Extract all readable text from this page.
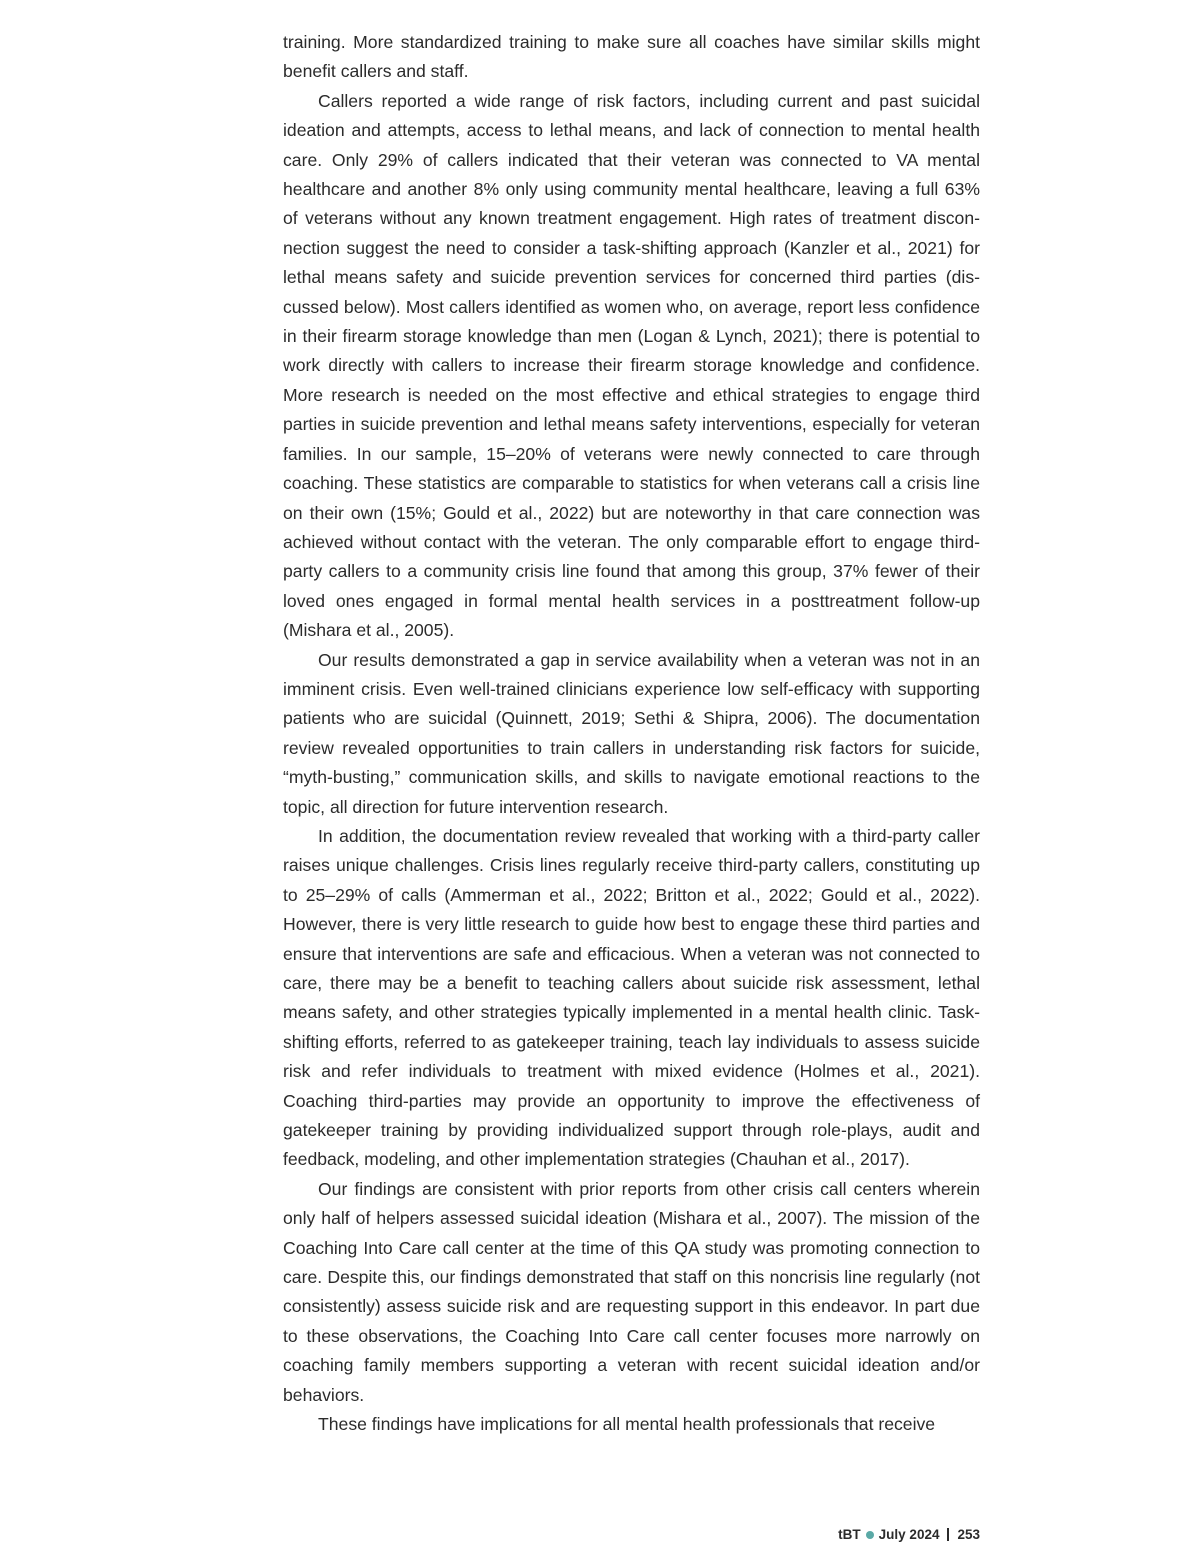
training. More standardized training to make sure all coaches have similar skills might benefit callers and staff.

Callers reported a wide range of risk factors, including current and past suicidal ideation and attempts, access to lethal means, and lack of connection to mental health care. Only 29% of callers indicated that their veteran was connected to VA mental healthcare and another 8% only using community mental healthcare, leaving a full 63% of veterans without any known treatment engagement. High rates of treatment disconnection suggest the need to consider a task-shifting approach (Kanzler et al., 2021) for lethal means safety and suicide prevention services for concerned third parties (discussed below). Most callers identified as women who, on average, report less confidence in their firearm storage knowledge than men (Logan & Lynch, 2021); there is potential to work directly with callers to increase their firearm storage knowledge and confidence. More research is needed on the most effective and ethical strategies to engage third parties in suicide prevention and lethal means safety interventions, especially for veteran families. In our sample, 15–20% of veterans were newly connected to care through coaching. These statistics are comparable to statistics for when veterans call a crisis line on their own (15%; Gould et al., 2022) but are noteworthy in that care connection was achieved without contact with the veteran. The only comparable effort to engage third-party callers to a community crisis line found that among this group, 37% fewer of their loved ones engaged in formal mental health services in a posttreatment follow-up (Mishara et al., 2005).

Our results demonstrated a gap in service availability when a veteran was not in an imminent crisis. Even well-trained clinicians experience low self-efficacy with supporting patients who are suicidal (Quinnett, 2019; Sethi & Shipra, 2006). The documentation review revealed opportunities to train callers in understanding risk factors for suicide, “myth-busting,” communication skills, and skills to navigate emotional reactions to the topic, all direction for future intervention research.

In addition, the documentation review revealed that working with a third-party caller raises unique challenges. Crisis lines regularly receive third-party callers, constituting up to 25–29% of calls (Ammerman et al., 2022; Britton et al., 2022; Gould et al., 2022). However, there is very little research to guide how best to engage these third parties and ensure that interventions are safe and efficacious. When a veteran was not connected to care, there may be a benefit to teaching callers about suicide risk assessment, lethal means safety, and other strategies typically implemented in a mental health clinic. Task-shifting efforts, referred to as gatekeeper training, teach lay individuals to assess suicide risk and refer individuals to treatment with mixed evidence (Holmes et al., 2021). Coaching third-parties may provide an opportunity to improve the effectiveness of gatekeeper training by providing individualized support through role-plays, audit and feedback, modeling, and other implementation strategies (Chauhan et al., 2017).

Our findings are consistent with prior reports from other crisis call centers wherein only half of helpers assessed suicidal ideation (Mishara et al., 2007). The mission of the Coaching Into Care call center at the time of this QA study was promoting connection to care. Despite this, our findings demonstrated that staff on this noncrisis line regularly (not consistently) assess suicide risk and are requesting support in this endeavor. In part due to these observations, the Coaching Into Care call center focuses more narrowly on coaching family members supporting a veteran with recent suicidal ideation and/or behaviors.

These findings have implications for all mental health professionals that receive

tBT July 2024 253
